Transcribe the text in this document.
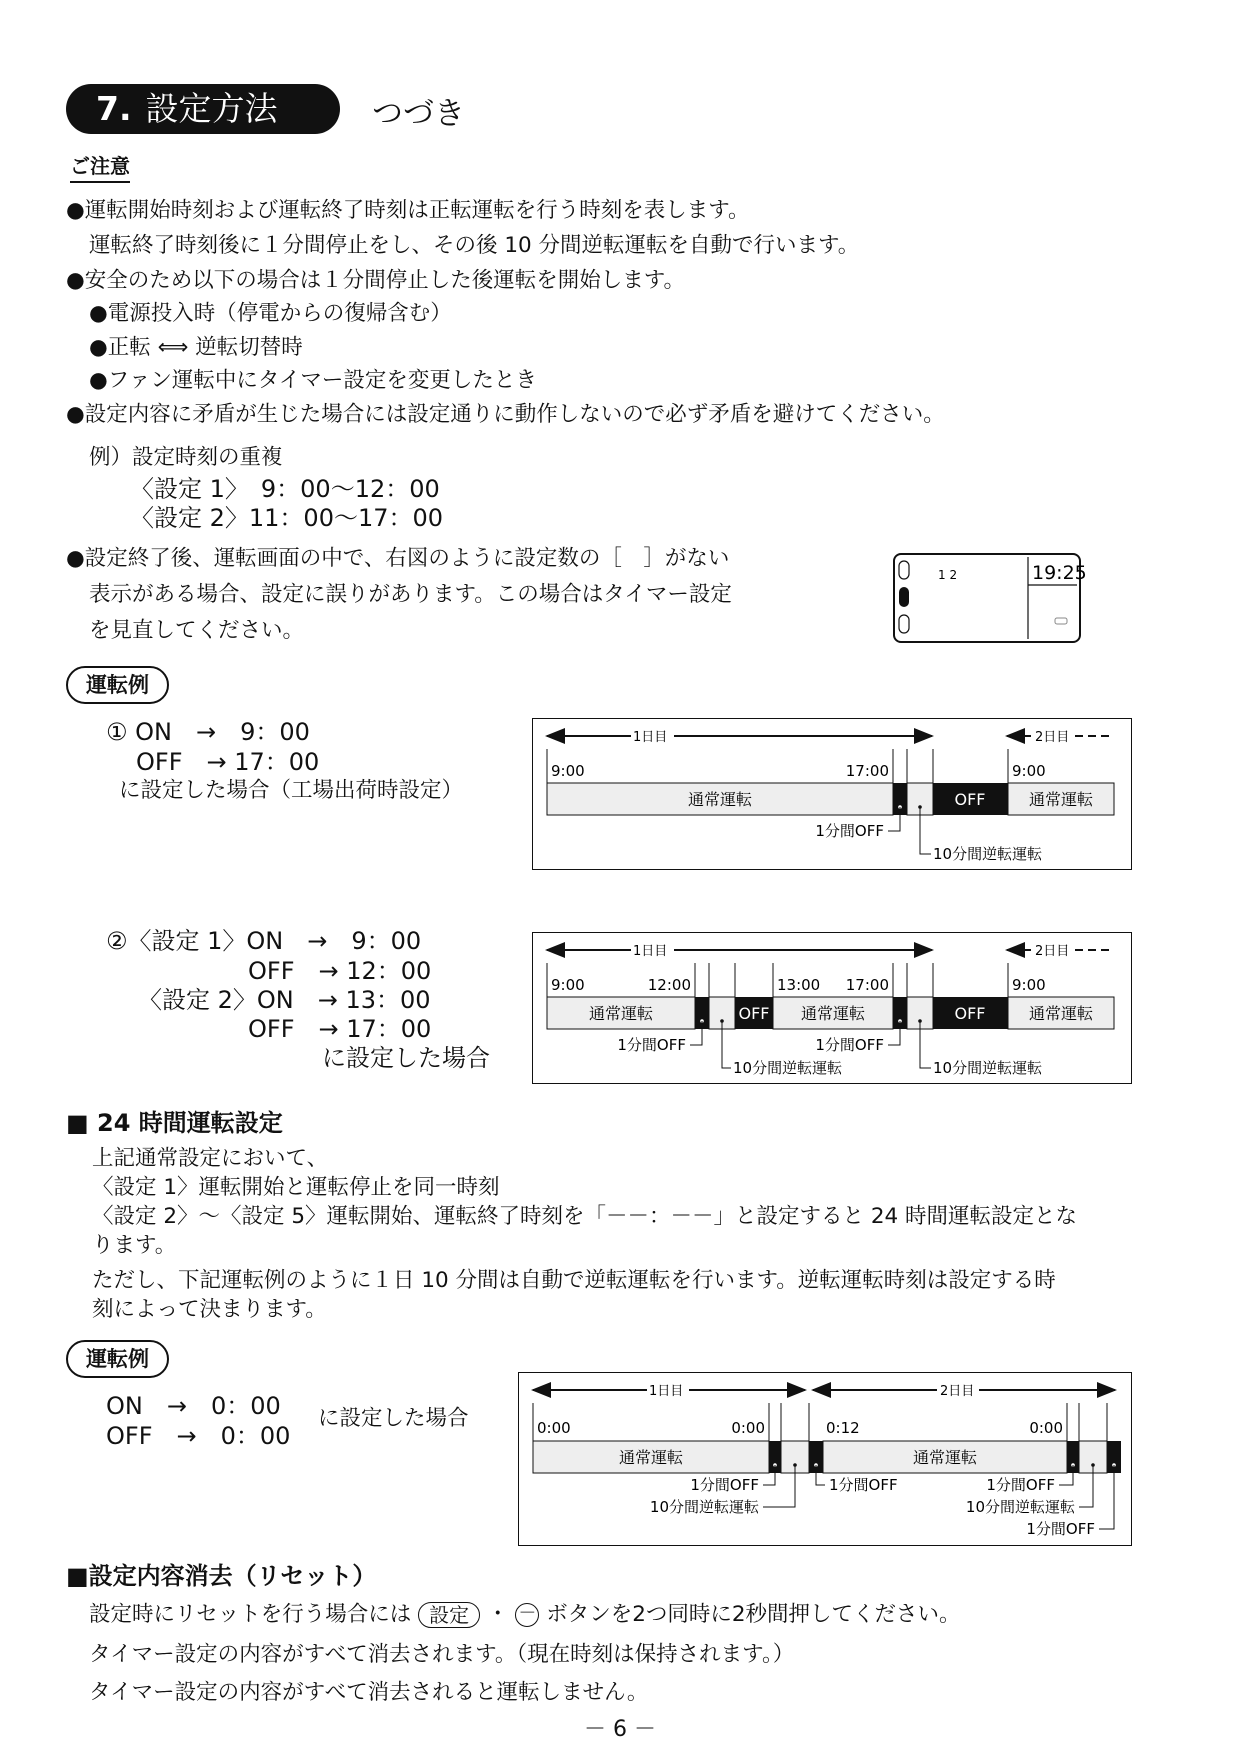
7. 設定方法	つづき
ご注意
● 運転開始時刻および運転終了時刻は正転運転を行う時刻を表します。
運転終了時刻後に１分間停止をし、その後 10 分間逆転運転を自動で行います。
● 安全のため以下の場合は１分間停止した後運転を開始します。
● 電源投入時（停電からの復帰含む）
● 正転 ⟺ 逆転切替時
● ファン運転中にタイマー設定を変更したとき
● 設定内容に矛盾が生じた場合には設定通りに動作しないので必ず矛盾を避けてください。
例）設定時刻の重複
〈設定 1〉　9：00～12：00
〈設定 2〉11：00～17：00
● 設定終了後、運転画面の中で、右図のように設定数の［　］がない
表示がある場合、設定に誤りがあります。この場合はタイマー設定
を見直してください。
1 2	19:25
運転例
① ON　→　9：00
OFF　→ 17：00
に設定した場合（工場出荷時設定）
1日目	2日目
9:00	17:00	9:00
通常運転	OFF	通常運転
1分間OFF
10分間逆転運転
②〈設定 1〉ON　→　9：00
OFF　→ 12：00
〈設定 2〉ON　→ 13：00
OFF　→ 17：00
に設定した場合
1日目	2日目
9:00	12:00	13:00 17:00	9:00
通常運転	OFF 通常運転	OFF	通常運転
1分間OFF
10分間逆転運転
1分間OFF
10分間逆転運転
■ 24 時間運転設定
上記通常設定において、
〈設定 1〉運転開始と運転停止を同一時刻
〈設定 2〉～〈設定 5〉運転開始、運転終了時刻を「－－：－－」と設定すると 24 時間運転設定とな
ります。
ただし、下記運転例のように１日 10 分間は自動で逆転運転を行います。逆転運転時刻は設定する時
刻によって決まります。
運転例
ON　→　0：00
OFF　→　0：00
に設定した場合
1日目	2日目
0:00	0:00	0:12	0:00
通常運転	通常運転
1分間OFF
10分間逆転運転
1分間OFF	1分間OFF
10分間逆転運転
1分間OFF
■設定内容消去（リセット）
設定時にリセットを行う場合には 設定 ・ － ボタンを2つ同時に2秒間押してください。
タイマー設定の内容がすべて消去されます。（現在時刻は保持されます。）
タイマー設定の内容がすべて消去されると運転しません。
－ 6 －
